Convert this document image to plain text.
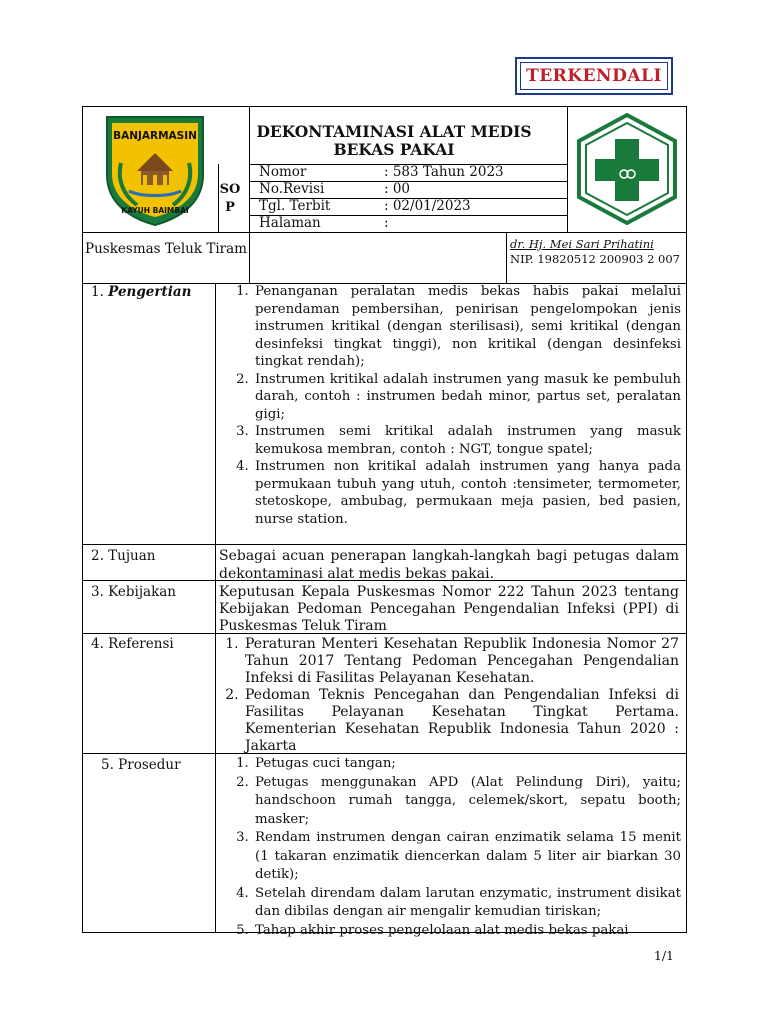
TERKENDALI
BANJARMASIN
KAYUH BAIMBAI
DEKONTAMINASI ALAT MEDIS BEKAS PAKAI
SO P
Nomor	: 583 Tahun 2023
No.Revisi	: 00
Tgl. Terbit	: 02/01/2023
Halaman	:
Puskesmas Teluk Tiram	dr. Hj. Mei Sari Prihatini
NIP. 19820512 200903 2 007
1. Pengertian	1. Penanganan peralatan medis bekas habis pakai melalui perendaman pembersihan, penirisan pengelompokan jenis instrumen kritikal (dengan sterilisasi), semi kritikal (dengan desinfeksi tingkat tinggi), non kritikal (dengan desinfeksi tingkat rendah);
2. Instrumen kritikal adalah instrumen yang masuk ke pembuluh darah, contoh : instrumen bedah minor, partus set, peralatan gigi;
3. Instrumen semi kritikal adalah instrumen yang masuk kemukosa membran, contoh : NGT, tongue spatel;
4. Instrumen non kritikal adalah instrumen yang hanya pada permukaan tubuh yang utuh, contoh :tensimeter, termometer, stetoskope, ambubag, permukaan meja pasien, bed pasien, nurse station.
2. Tujuan	Sebagai acuan penerapan langkah-langkah bagi petugas dalam dekontaminasi alat medis bekas pakai.
3. Kebijakan	Keputusan Kepala Puskesmas Nomor 222 Tahun 2023 tentang Kebijakan Pedoman Pencegahan Pengendalian Infeksi (PPI) di Puskesmas Teluk Tiram
4. Referensi	1. Peraturan Menteri Kesehatan Republik Indonesia Nomor 27 Tahun 2017 Tentang Pedoman Pencegahan Pengendalian Infeksi di Fasilitas Pelayanan Kesehatan.
2. Pedoman Teknis Pencegahan dan Pengendalian Infeksi di Fasilitas Pelayanan Kesehatan Tingkat Pertama. Kementerian Kesehatan Republik Indonesia Tahun 2020 : Jakarta
5. Prosedur	1. Petugas cuci tangan;
2. Petugas menggunakan APD (Alat Pelindung Diri), yaitu; handschoon rumah tangga, celemek/skort, sepatu booth; masker;
3. Rendam instrumen dengan cairan enzimatik selama 15 menit (1 takaran enzimatik diencerkan dalam 5 liter air biarkan 30 detik);
4. Setelah direndam dalam larutan enzymatic, instrument disikat dan dibilas dengan air mengalir kemudian tiriskan;
5. Tahap akhir proses pengelolaan alat medis bekas pakai
1/1
